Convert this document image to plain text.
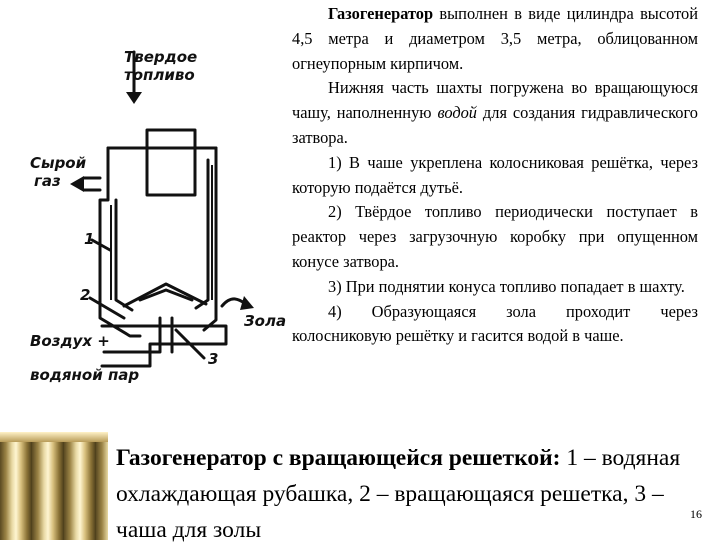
Твердое
топливо
Сырой
газ
1
2
3
Зола
Воздух +
водяной пар

Газогенератор выполнен в виде цилиндра высотой 4,5 метра и диаметром 3,5 метра, облицованном огнеупорным кирпичом.

Нижняя часть шахты погружена во вращающуюся чашу, наполненную водой для создания гидравлического затвора.

1) В чаше укреплена колосниковая решётка, через которую подаётся дутьё.

2) Твёрдое топливо периодически поступает в реактор через загрузочную коробку при опущенном конусе затвора.

3) При поднятии конуса топливо попадает в шахту.

4) Образующаяся зола проходит через колосниковую решётку и гасится водой в чаше.

Газогенератор с вращающейся решеткой: 1 – водяная охлаждающая рубашка, 2 – вращающаяся решетка, 3 – чаша для золы
16
